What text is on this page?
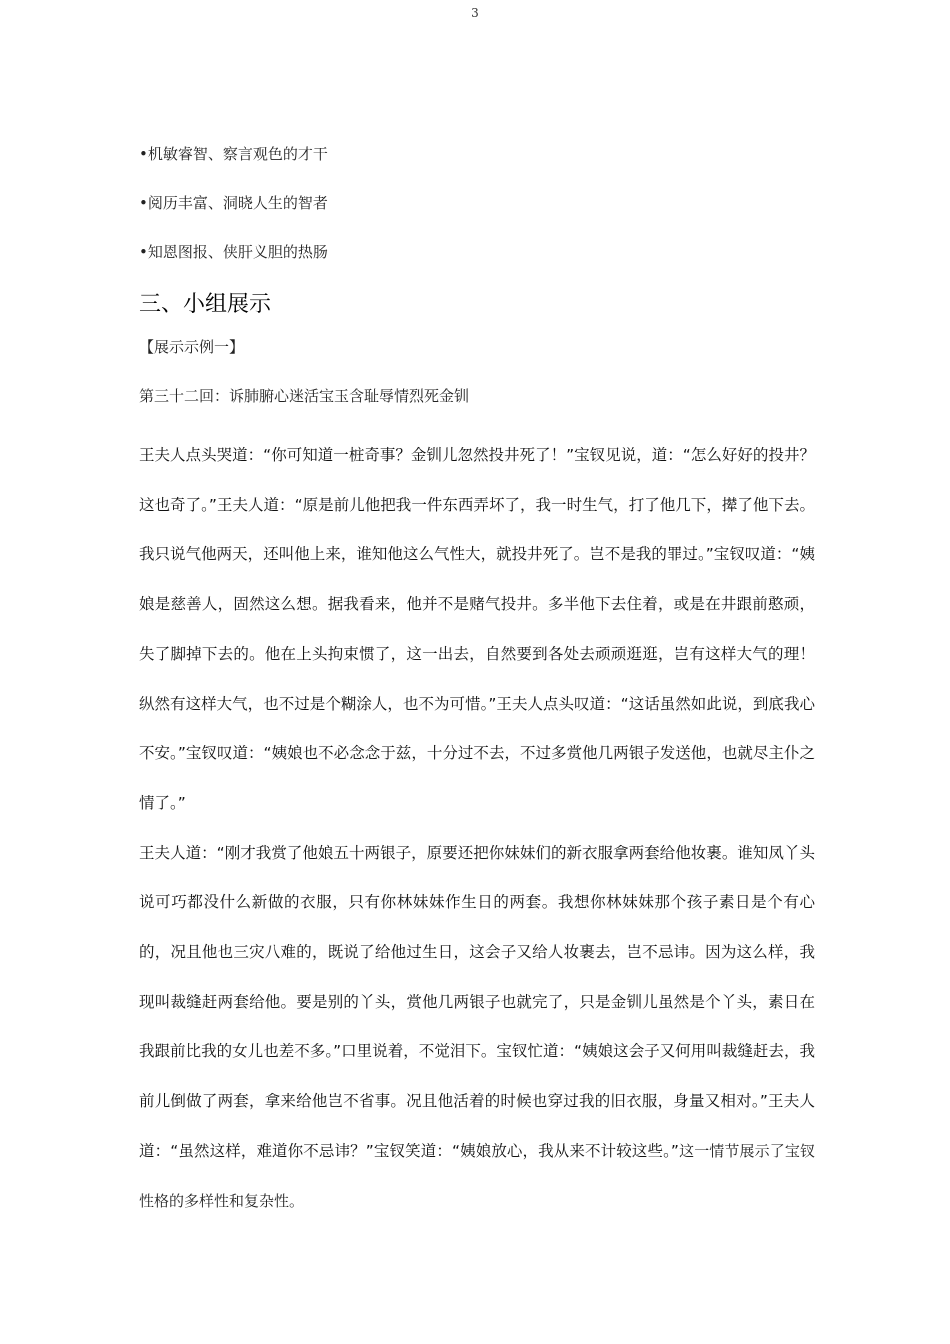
3
•机敏睿智、察言观色的才干
•阅历丰富、洞晓人生的智者
•知恩图报、侠肝义胆的热肠
三、小组展示
【展示示例一】
第三十二回：诉肺腑心迷活宝玉含耻辱情烈死金钏

王夫人点头哭道：“你可知道一桩奇事？金钏儿忽然投井死了！”宝钗见说，道：“怎么好好的投井？这也奇了。”王夫人道：“原是前儿他把我一件东西弄坏了，我一时生气，打了他几下，撵了他下去。我只说气他两天，还叫他上来，谁知他这么气性大，就投井死了。岂不是我的罪过。”宝钗叹道：“姨娘是慈善人，固然这么想。据我看来，他并不是赌气投井。多半他下去住着，或是在井跟前憨顽，失了脚掉下去的。他在上头拘束惯了，这一出去，自然要到各处去顽顽逛逛，岂有这样大气的理！纵然有这样大气，也不过是个糊涂人，也不为可惜。”王夫人点头叹道：“这话虽然如此说，到底我心不安。”宝钗叹道：“姨娘也不必念念于兹，十分过不去，不过多赏他几两银子发送他，也就尽主仆之情了。”

王夫人道：“刚才我赏了他娘五十两银子，原要还把你妹妹们的新衣服拿两套给他妆裹。谁知凤丫头说可巧都没什么新做的衣服，只有你林妹妹作生日的两套。我想你林妹妹那个孩子素日是个有心的，况且他也三灾八难的，既说了给他过生日，这会子又给人妆裹去，岂不忌讳。因为这么样，我现叫裁缝赶两套给他。要是别的丫头，赏他几两银子也就完了，只是金钏儿虽然是个丫头，素日在我跟前比我的女儿也差不多。”口里说着，不觉泪下。宝钗忙道：“姨娘这会子又何用叫裁缝赶去，我前儿倒做了两套，拿来给他岂不省事。况且他活着的时候也穿过我的旧衣服，身量又相对。”王夫人道：“虽然这样，难道你不忌讳？”宝钗笑道：“姨娘放心，我从来不计较这些。”这一情节展示了宝钗性格的多样性和复杂性。
